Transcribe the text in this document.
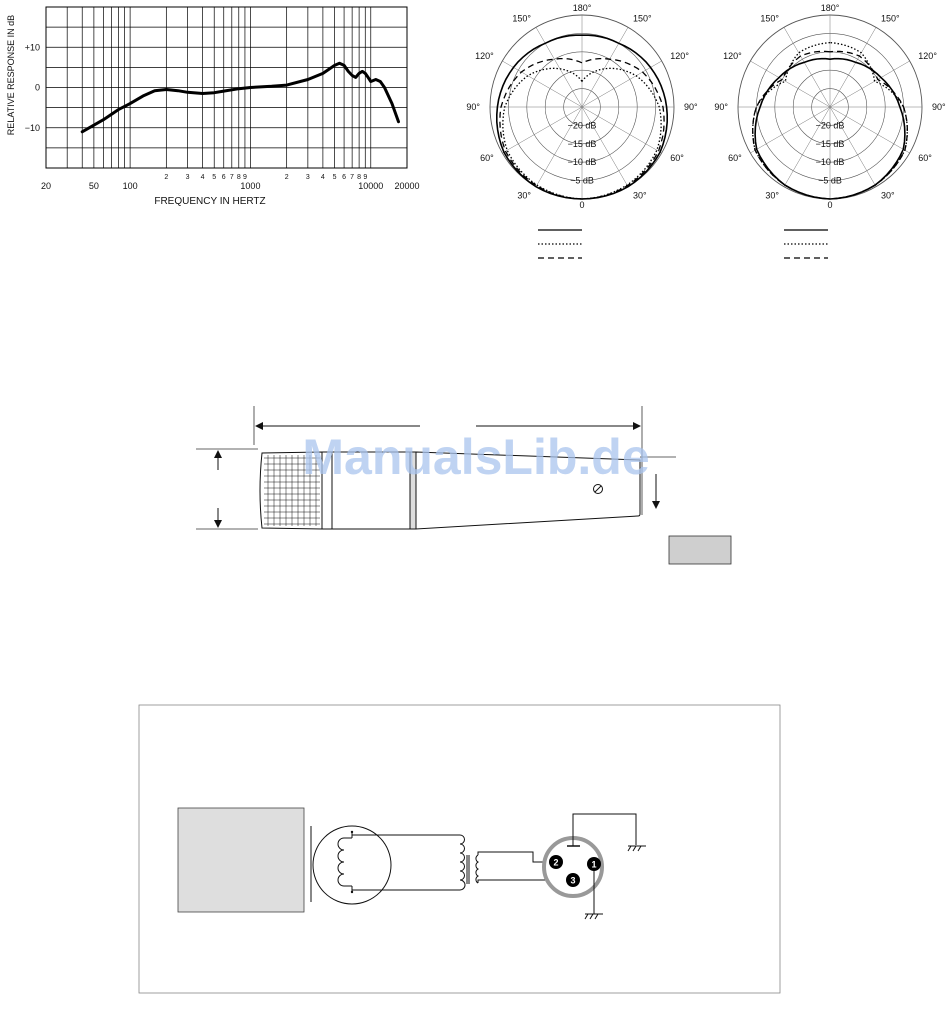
20	50	100
2 3 4 5 6 7 8 9
1000
2 3 4 5 6 7 8 9
10000 20000
+10
0
−10
FREQUENCY IN HERTZ
RELATIVE RESPONSE IN dB
180°
150°	150°
120°	120°
90°	90°
60°	60°
30°	30°
0
−20 dB
−15 dB
−10 dB
−5 dB
180°
150°	150°
120°	120°
90°	90°
60°	60°
30°	30°
0
−20 dB
−15 dB
−10 dB
−5 dB
ManualsLib.de
1
2
3
